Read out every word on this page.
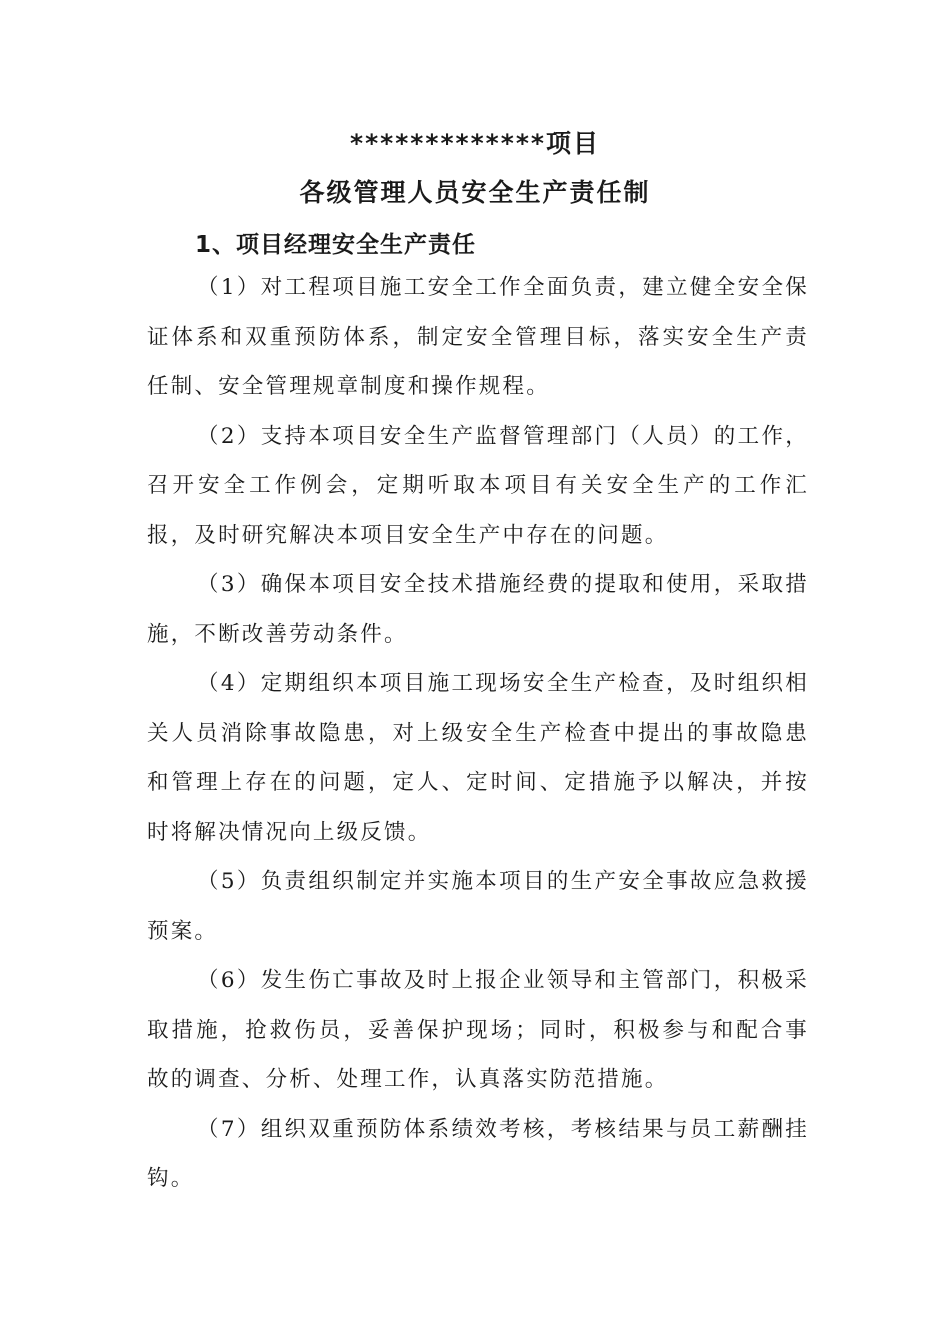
*************项目
各级管理人员安全生产责任制
1、项目经理安全生产责任

（1）对工程项目施工安全工作全面负责，建立健全安全保证体系和双重预防体系，制定安全管理目标，落实安全生产责任制、安全管理规章制度和操作规程。

（2）支持本项目安全生产监督管理部门（人员）的工作，召开安全工作例会，定期听取本项目有关安全生产的工作汇报，及时研究解决本项目安全生产中存在的问题。

（3）确保本项目安全技术措施经费的提取和使用，采取措施，不断改善劳动条件。

（4）定期组织本项目施工现场安全生产检查，及时组织相关人员消除事故隐患，对上级安全生产检查中提出的事故隐患和管理上存在的问题，定人、定时间、定措施予以解决，并按时将解决情况向上级反馈。

（5）负责组织制定并实施本项目的生产安全事故应急救援预案。

（6）发生伤亡事故及时上报企业领导和主管部门，积极采取措施，抢救伤员，妥善保护现场；同时，积极参与和配合事故的调查、分析、处理工作，认真落实防范措施。

（7）组织双重预防体系绩效考核，考核结果与员工薪酬挂钩。
